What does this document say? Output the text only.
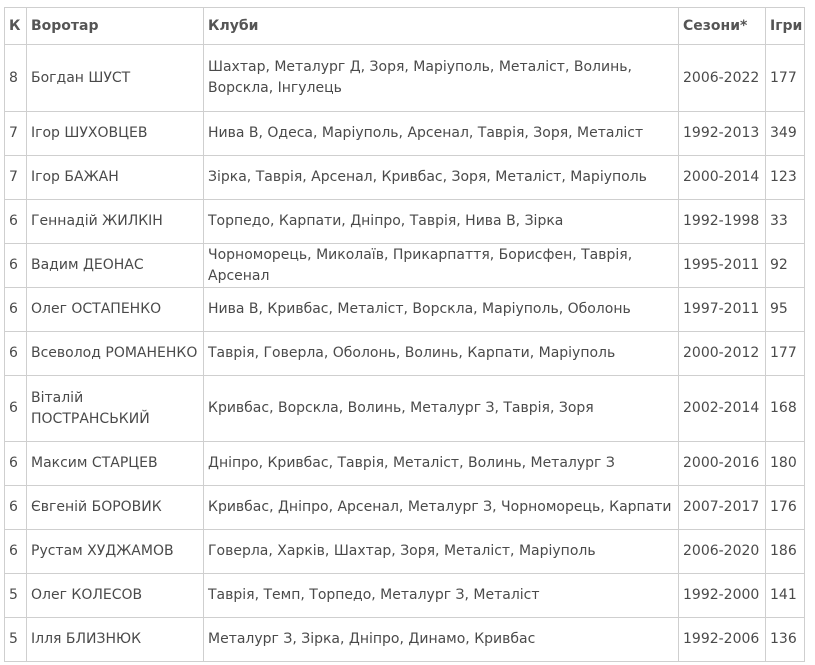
К	Воротар	Клуби	Сезони*	Ігри
8	Богдан ШУСТ	Шахтар, Металург Д, Зоря, Маріуполь, Металіст, Волинь, Ворскла, Інгулець	2006-2022	177
7	Ігор ШУХОВЦЕВ	Нива В, Одеса, Маріуполь, Арсенал, Таврія, Зоря, Металіст	1992-2013	349
7	Ігор БАЖАН	Зірка, Таврія, Арсенал, Кривбас, Зоря, Металіст, Маріуполь	2000-2014	123
6	Геннадій ЖИЛКІН	Торпедо, Карпати, Дніпро, Таврія, Нива В, Зірка	1992-1998	33
6	Вадим ДЕОНАС	Чорноморець, Миколаїв, Прикарпаття, Борисфен, Таврія, Арсенал	1995-2011	92
6	Олег ОСТАПЕНКО	Нива В, Кривбас, Металіст, Ворскла, Маріуполь, Оболонь	1997-2011	95
6	Всеволод РОМАНЕНКО	Таврія, Говерла, Оболонь, Волинь, Карпати, Маріуполь	2000-2012	177
6	Віталій ПОСТРАНСЬКИЙ	Кривбас, Ворскла, Волинь, Металург З, Таврія, Зоря	2002-2014	168
6	Максим СТАРЦЕВ	Дніпро, Кривбас, Таврія, Металіст, Волинь, Металург З	2000-2016	180
6	Євгеній БОРОВИК	Кривбас, Дніпро, Арсенал, Металург З, Чорноморець, Карпати	2007-2017	176
6	Рустам ХУДЖАМОВ	Говерла, Харків, Шахтар, Зоря, Металіст, Маріуполь	2006-2020	186
5	Олег КОЛЕСОВ	Таврія, Темп, Торпедо, Металург З, Металіст	1992-2000	141
5	Ілля БЛИЗНЮК	Металург З, Зірка, Дніпро, Динамо, Кривбас	1992-2006	136
